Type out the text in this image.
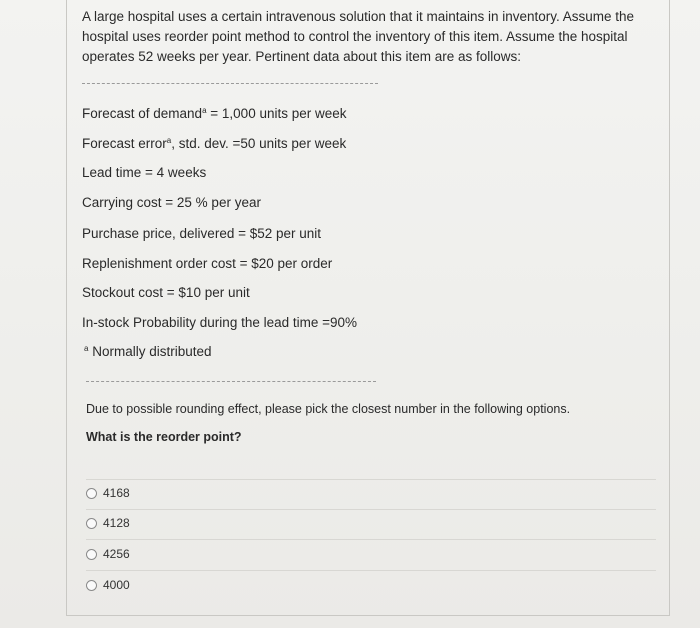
A large hospital uses a certain intravenous solution that it maintains in inventory. Assume the hospital uses reorder point method to control the inventory of this item. Assume the hospital operates 52 weeks per year. Pertinent data about this item are as follows:
Forecast of demand$^a$ = 1,000 units per week
Forecast error$^a$, std. dev. =50 units per week
Lead time = 4 weeks
Carrying cost = 25 % per year
Purchase price, delivered = $52 per unit
Replenishment order cost = $20 per order
Stockout cost = $10 per unit
In-stock Probability during the lead time =90%
$^a$ Normally distributed
Due to possible rounding effect, please pick the closest number in the following options.
What is the reorder point?
4168
4128
4256
4000
